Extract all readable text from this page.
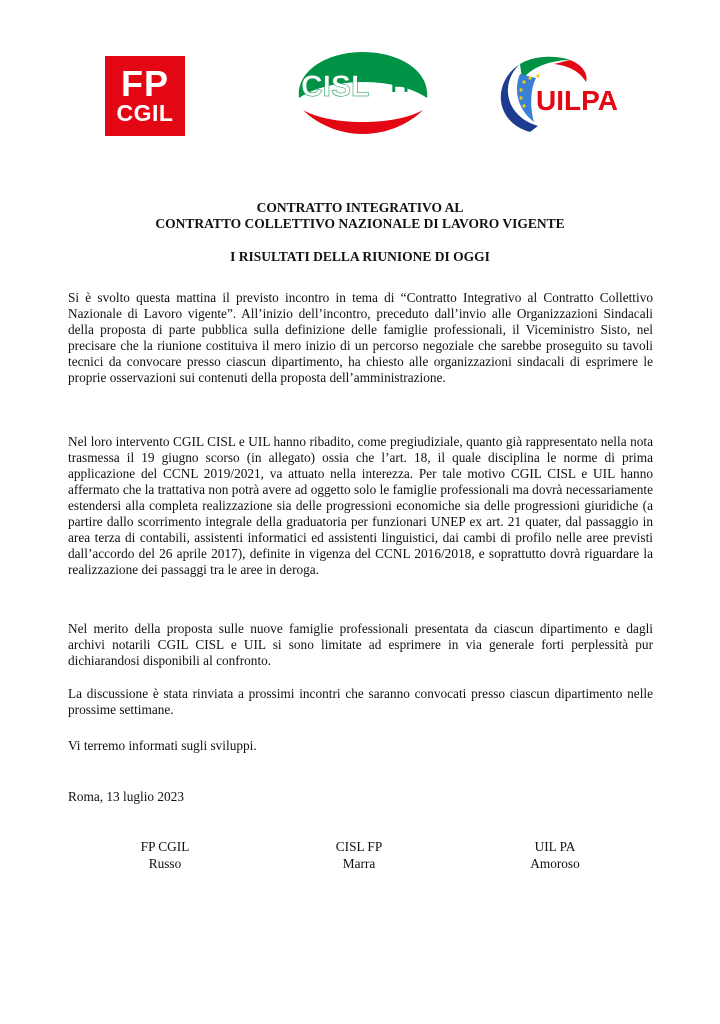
FP
CGIL
CISL FP	UILPA
CONTRATTO INTEGRATIVO AL
CONTRATTO COLLETTIVO NAZIONALE DI LAVORO VIGENTE
I RISULTATI DELLA RIUNIONE DI OGGI

Si è svolto questa mattina il previsto incontro in tema di “Contratto Integrativo al Contratto Collettivo Nazionale di Lavoro vigente”. All’inizio dell’incontro, preceduto dall’invio alle Organizzazioni Sindacali della proposta di parte pubblica sulla definizione delle famiglie professionali, il Viceministro Sisto, nel precisare che la riunione costituiva il mero inizio di un percorso negoziale che sarebbe proseguito su tavoli tecnici da convocare presso ciascun dipartimento, ha chiesto alle organizzazioni sindacali di esprimere le proprie osservazioni sui contenuti della proposta dell’amministrazione.

Nel loro intervento CGIL CISL e UIL hanno ribadito, come pregiudiziale, quanto già rappresentato nella nota trasmessa il 19 giugno scorso (in allegato) ossia che l’art. 18, il quale disciplina le norme di prima applicazione del CCNL 2019/2021, va attuato nella interezza. Per tale motivo CGIL CISL e UIL hanno affermato che la trattativa non potrà avere ad oggetto solo le famiglie professionali ma dovrà necessariamente estendersi alla completa realizzazione sia delle progressioni economiche sia delle progressioni giuridiche (a partire dallo scorrimento integrale della graduatoria per funzionari UNEP ex art. 21 quater, dal passaggio in area terza di contabili, assistenti informatici ed assistenti linguistici, dai cambi di profilo nelle aree previsti dall’accordo del 26 aprile 2017), definite in vigenza del CCNL 2016/2018, e soprattutto dovrà riguardare la realizzazione dei passaggi tra le aree in deroga.

Nel merito della proposta sulle nuove famiglie professionali presentata da ciascun dipartimento e dagli archivi notarili CGIL CISL e UIL si sono limitate ad esprimere in via generale forti perplessità pur dichiarandosi disponibili al confronto.

La discussione è stata rinviata a prossimi incontri che saranno convocati presso ciascun dipartimento nelle prossime settimane.

Vi terremo informati sugli sviluppi.

Roma, 13 luglio 2023
FP CGIL
Russo
CISL FP
Marra
UIL PA
Amoroso
